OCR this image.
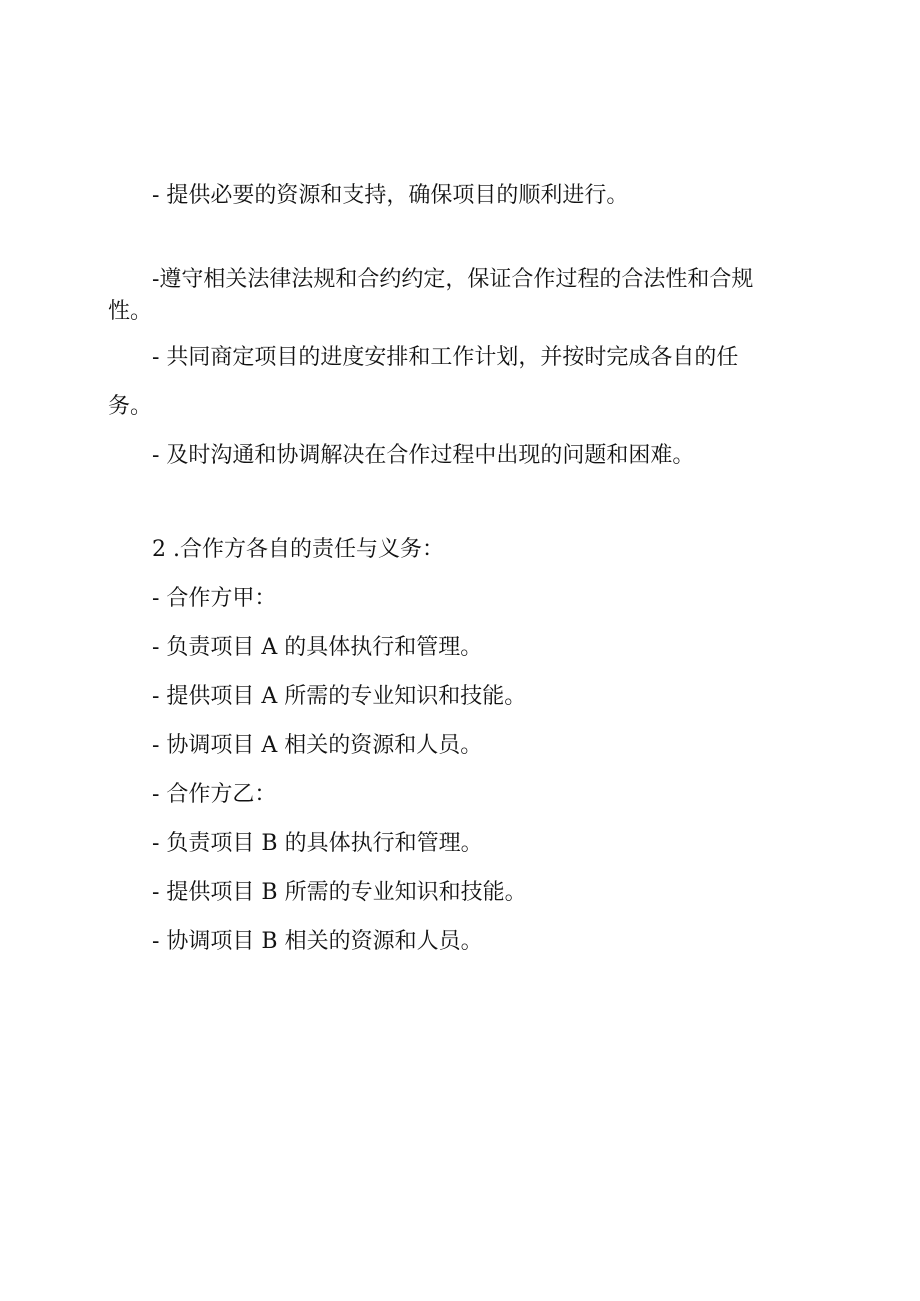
- 提供必要的资源和支持，确保项目的顺利进行。
-遵守相关法律法规和合约约定，保证合作过程的合法性和合规
性。
- 共同商定项目的进度安排和工作计划，并按时完成各自的任
务。
- 及时沟通和协调解决在合作过程中出现的问题和困难。
2 .合作方各自的责任与义务：
- 合作方甲：
- 负责项目 A 的具体执行和管理。
- 提供项目 A 所需的专业知识和技能。
- 协调项目 A 相关的资源和人员。
- 合作方乙：
- 负责项目 B 的具体执行和管理。
- 提供项目 B 所需的专业知识和技能。
- 协调项目 B 相关的资源和人员。
